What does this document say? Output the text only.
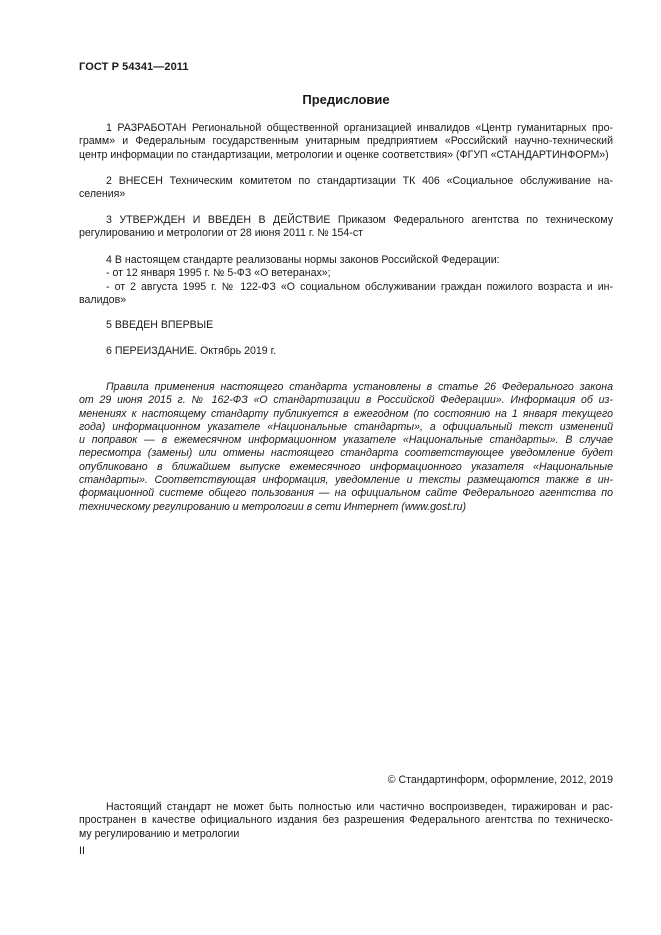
ГОСТ Р 54341—2011
Предисловие
1 РАЗРАБОТАН Региональной общественной организацией инвалидов «Центр гуманитарных про-
грамм» и Федеральным государственным унитарным предприятием «Российский научно-технический
центр информации по стандартизации, метрологии и оценке соответствия» (ФГУП «СТАНДАРТИНФОРМ»)
2 ВНЕСЕН Техническим комитетом по стандартизации ТК 406 «Социальное обслуживание на-
селения»
3 УТВЕРЖДЕН И ВВЕДЕН В ДЕЙСТВИЕ Приказом Федерального агентства по техническому
регулированию и метрологии от 28 июня 2011 г. № 154-ст
4 В настоящем стандарте реализованы нормы законов Российской Федерации:
- от 12 января 1995 г. № 5-ФЗ «О ветеранах»;
- от 2 августа 1995 г. № 122-ФЗ «О социальном обслуживании граждан пожилого возраста и ин-
валидов»
5 ВВЕДЕН ВПЕРВЫЕ
6 ПЕРЕИЗДАНИЕ. Октябрь 2019 г.
Правила применения настоящего стандарта установлены в статье 26 Федерального закона
от 29 июня 2015 г. № 162-ФЗ «О стандартизации в Российской Федерации». Информация об из-
менениях к настоящему стандарту публикуется в ежегодном (по состоянию на 1 января текущего
года) информационном указателе «Национальные стандарты», а официальный текст изменений
и поправок — в ежемесячном информационном указателе «Национальные стандарты». В случае
пересмотра (замены) или отмены настоящего стандарта соответствующее уведомление будет
опубликовано в ближайшем выпуске ежемесячного информационного указателя «Национальные
стандарты». Соответствующая информация, уведомление и тексты размещаются также в ин-
формационной системе общего пользования — на официальном сайте Федерального агентства по
техническому регулированию и метрологии в сети Интернет (www.gost.ru)
© Стандартинформ, оформление, 2012, 2019
Настоящий стандарт не может быть полностью или частично воспроизведен, тиражирован и рас-
пространен в качестве официального издания без разрешения Федерального агентства по техническо-
му регулированию и метрологии
II
